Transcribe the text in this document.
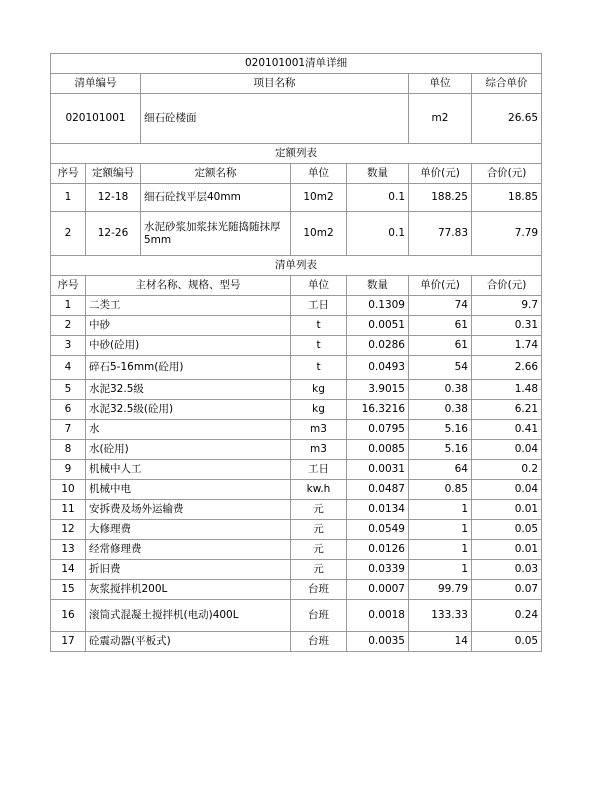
020101001清单详细						
清单编号		项目名称			单位	综合单价
020101001		细石砼楼面			m2	26.65
定额列表						
序号	定额编号	定额名称	单位	数量	单价(元)	合价(元)
1	12-18	细石砼找平层40mm	10m2	0.1	188.25	18.85
2	12-26	水泥砂浆加浆抹光随捣随抹厚5mm	10m2	0.1	77.83	7.79
清单列表						
序号	主材名称、规格、型号		单位	数量	单价(元)	合价(元)
1	二类工		工日	0.1309	74	9.7
2	中砂		t	0.0051	61	0.31
3	中砂(砼用)		t	0.0286	61	1.74
4	碎石5-16mm(砼用)		t	0.0493	54	2.66
5	水泥32.5级		kg	3.9015	0.38	1.48
6	水泥32.5级(砼用)		kg	16.3216	0.38	6.21
7	水		m3	0.0795	5.16	0.41
8	水(砼用)		m3	0.0085	5.16	0.04
9	机械中人工		工日	0.0031	64	0.2
10	机械中电		kw.h	0.0487	0.85	0.04
11	安拆费及场外运输费		元	0.0134	1	0.01
12	大修理费		元	0.0549	1	0.05
13	经常修理费		元	0.0126	1	0.01
14	折旧费		元	0.0339	1	0.03
15	灰浆搅拌机200L		台班	0.0007	99.79	0.07
16	滚筒式混凝土搅拌机(电动)400L		台班	0.0018	133.33	0.24
17	砼震动器(平板式)		台班	0.0035	14	0.05
